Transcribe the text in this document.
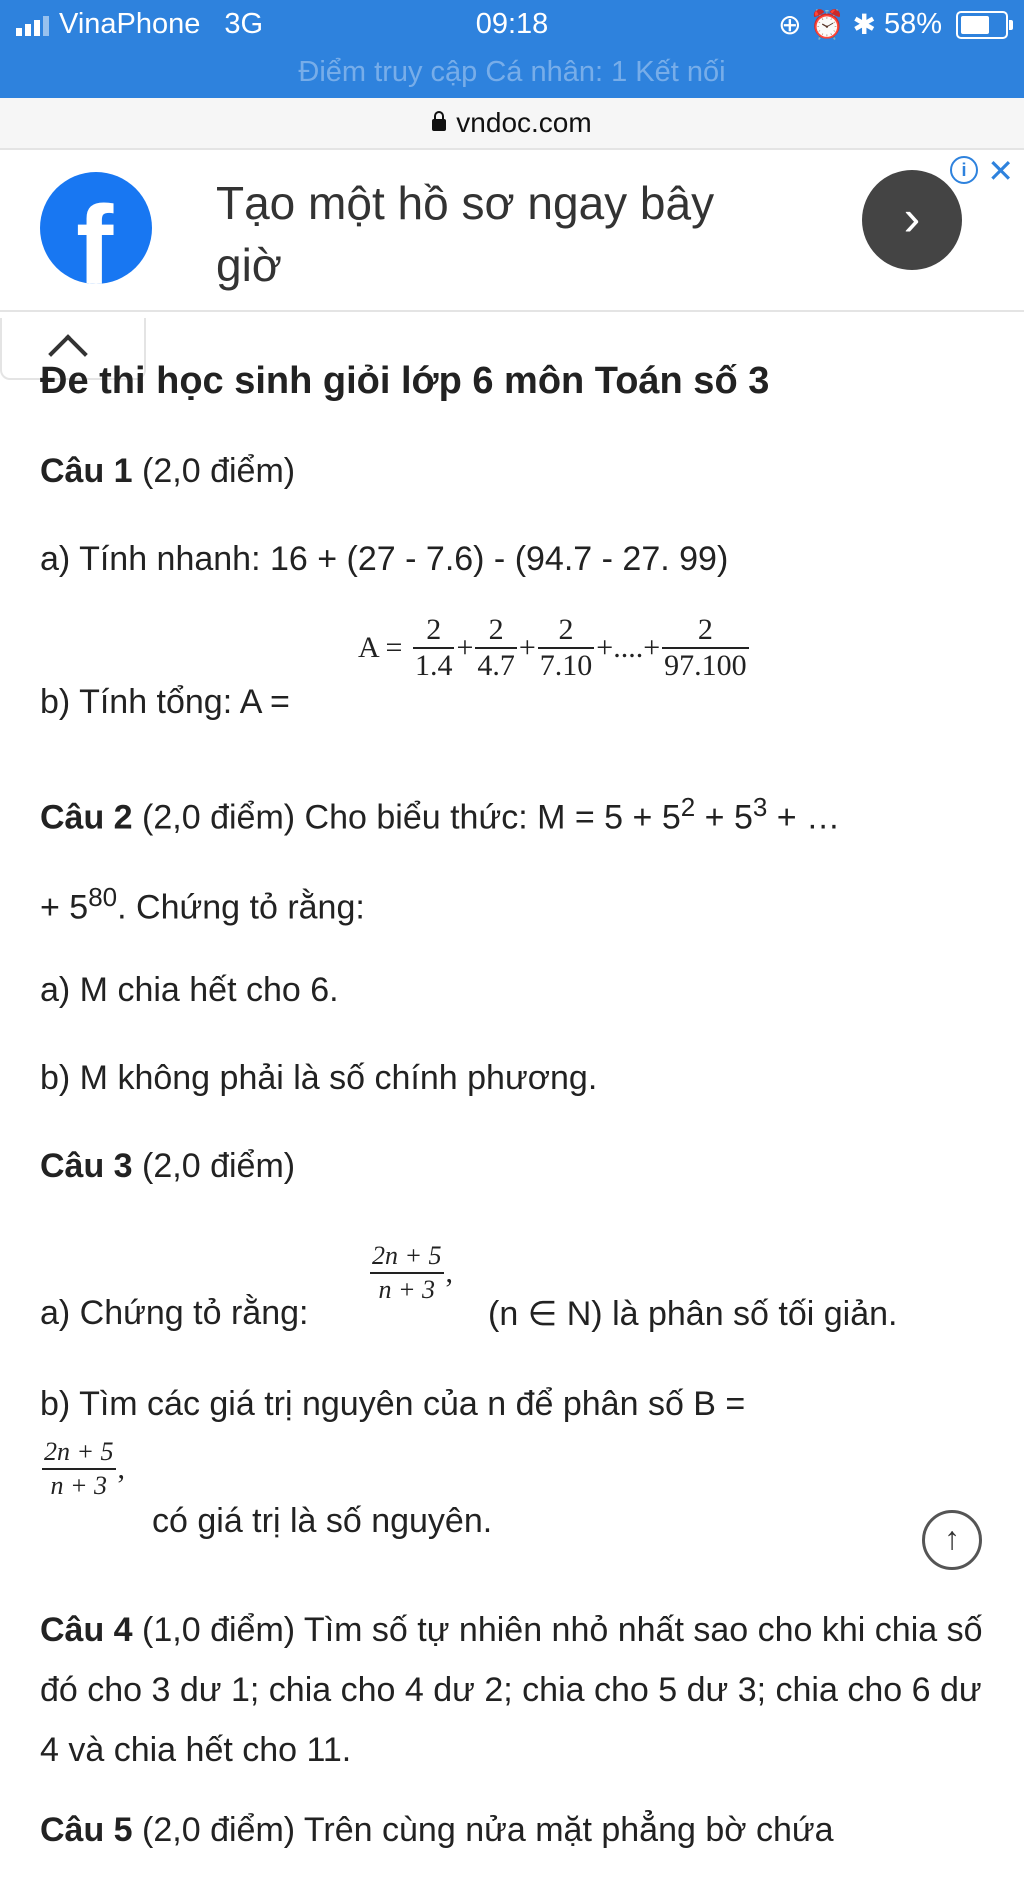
VinaPhone 3G	09:18	⊕ ⏰ ✱ 58%
Điểm truy cập Cá nhân: 1 Kết nối
vndoc.com
f Tạo một hồ sơ ngay bây giờ
i ✕
›
Đe thi học sinh giỏi lớp 6 môn Toán số 3
Câu 1 (2,0 điểm)
a) Tính nhanh: 16 + (27 - 7.6) - (94.7 - 27. 99)
b) Tính tổng: A =
$A = \frac{2}{1.4} + \frac{2}{4.7} + \frac{2}{7.10}$ +....+ $\frac{2}{97.100}$
Câu 2 (2,0 điểm) Cho biểu thức: $M = 5 + 5^2 + 5^3$ + …
+ $5^{80}$. Chứng tỏ rằng:
a) M chia hết cho 6.
b) M không phải là số chính phương.
Câu 3 (2,0 điểm)
a) Chứng tỏ rằng:
$\frac{2n + 5}{n + 3}$ ,
(n ∈ N) là phân số tối giản.
b) Tìm các giá trị nguyên của n để phân số B =
$\frac{2n + 5}{n + 3}$ ,
có giá trị là số nguyên.
Câu 4 (1,0 điểm) Tìm số tự nhiên nhỏ nhất sao cho khi chia số đó cho 3 dư 1; chia cho 4 dư 2; chia cho 5 dư 3; chia cho 6 dư 4 và chia hết cho 11.
Câu 5 (2,0 điểm) Trên cùng nửa mặt phẳng bờ chứa
↑
